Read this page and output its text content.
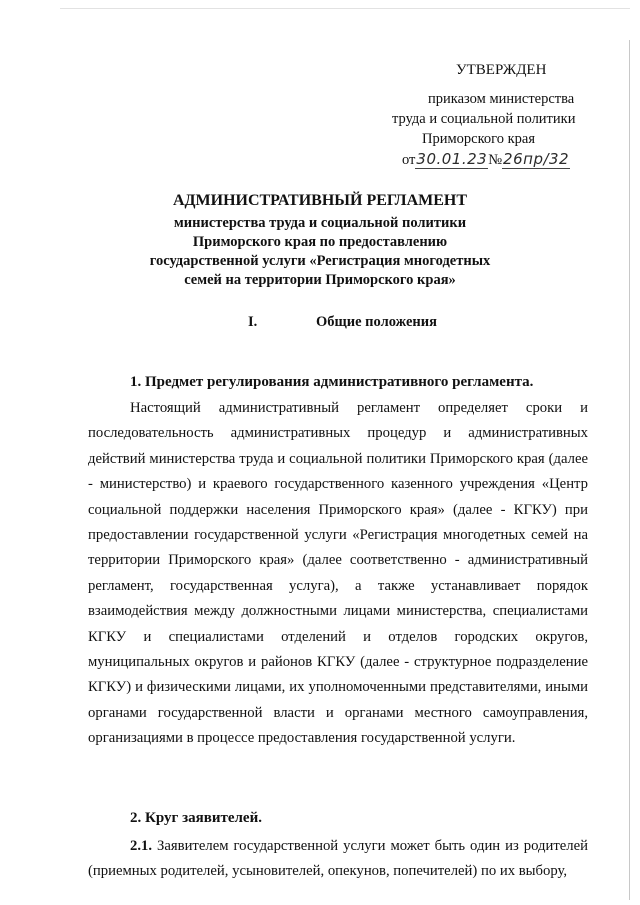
УТВЕРЖДЕН
приказом министерства
труда и социальной политики
Приморского края
от30.01.23№26пр/32
АДМИНИСТРАТИВНЫЙ РЕГЛАМЕНТ
министерства труда и социальной политики
Приморского края по предоставлению
государственной услуги «Регистрация многодетных
семей на территории Приморского края»
I.	Общие положения
1. Предмет регулирования административного регламента.
Настоящий административный регламент определяет сроки и последовательность административных процедур и административных действий министерства труда и социальной политики Приморского края (далее - министерство) и краевого государственного казенного учреждения «Центр социальной поддержки населения Приморского края» (далее - КГКУ) при предоставлении государственной услуги «Регистрация многодетных семей на территории Приморского края» (далее соответственно - административный регламент, государственная услуга), а также устанавливает порядок взаимодействия между должностными лицами министерства, специалистами КГКУ и специалистами отделений и отделов городских округов, муниципальных округов и районов КГКУ (далее - структурное подразделение КГКУ) и физическими лицами, их уполномоченными представителями, иными органами государственной власти и органами местного самоуправления, организациями в процессе предоставления государственной услуги.
2. Круг заявителей.
2.1. Заявителем государственной услуги может быть один из родителей (приемных родителей, усыновителей, опекунов, попечителей) по их выбору,
